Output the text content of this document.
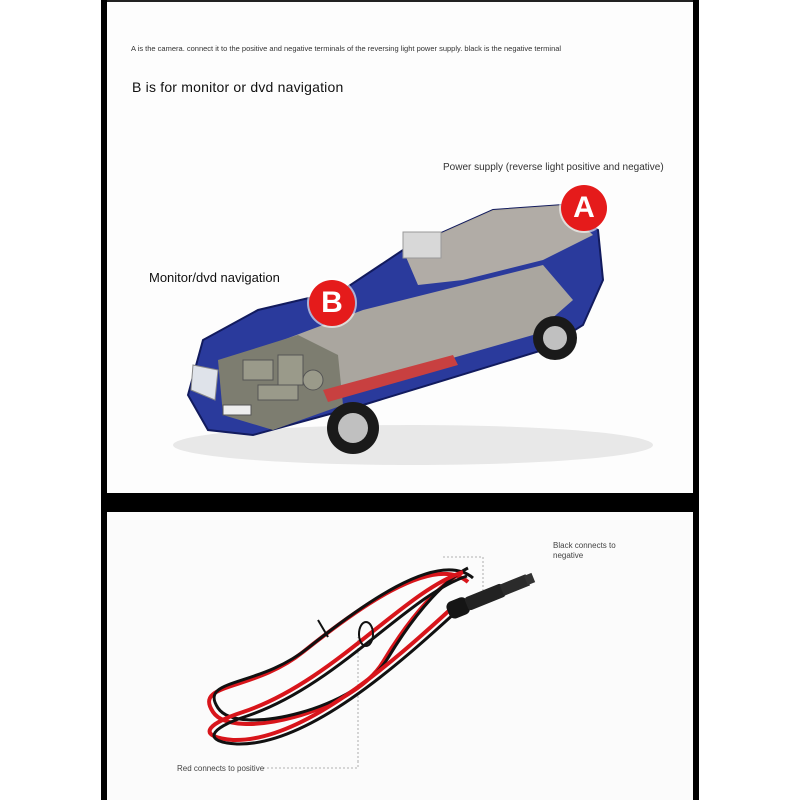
A is the camera. connect it to the positive and negative terminals of the reversing light power supply. black is the negative terminal
B is for monitor or dvd navigation
Power supply (reverse light positive and negative)
Monitor/dvd navigation
A
B
Black connects to negative
Red connects to positive
